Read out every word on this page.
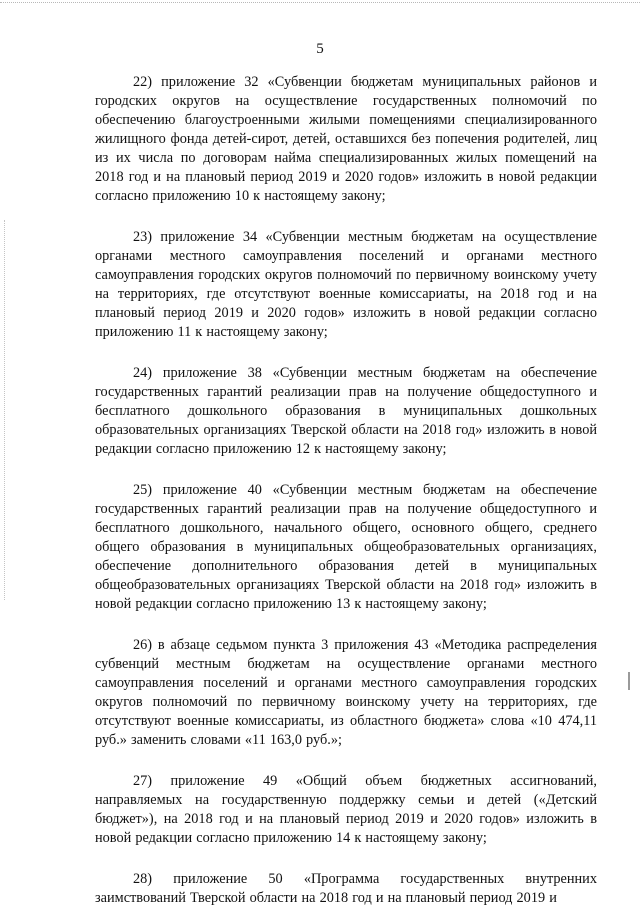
5

22) приложение 32 «Субвенции бюджетам муниципальных районов и городских округов на осуществление государственных полномочий по обеспечению благоустроенными жилыми помещениями специализированного жилищного фонда детей-сирот, детей, оставшихся без попечения родителей, лиц из их числа по договорам найма специализированных жилых помещений на 2018 год и на плановый период 2019 и 2020 годов» изложить в новой редакции согласно приложению 10 к настоящему закону;

23) приложение 34 «Субвенции местным бюджетам на осуществление органами местного самоуправления поселений и органами местного самоуправления городских округов полномочий по первичному воинскому учету на территориях, где отсутствуют военные комиссариаты, на 2018 год и на плановый период 2019 и 2020 годов» изложить в новой редакции согласно приложению 11 к настоящему закону;

24) приложение 38 «Субвенции местным бюджетам на обеспечение государственных гарантий реализации прав на получение общедоступного и бесплатного дошкольного образования в муниципальных дошкольных образовательных организациях Тверской области на 2018 год» изложить в новой редакции согласно приложению 12 к настоящему закону;

25) приложение 40 «Субвенции местным бюджетам на обеспечение государственных гарантий реализации прав на получение общедоступного и бесплатного дошкольного, начального общего, основного общего, среднего общего образования в муниципальных общеобразовательных организациях, обеспечение дополнительного образования детей в муниципальных общеобразовательных организациях Тверской области на 2018 год» изложить в новой редакции согласно приложению 13 к настоящему закону;

26) в абзаце седьмом пункта 3 приложения 43 «Методика распределения субвенций местным бюджетам на осуществление органами местного самоуправления поселений и органами местного самоуправления городских округов полномочий по первичному воинскому учету на территориях, где отсутствуют военные комиссариаты, из областного бюджета» слова «10 474,11 руб.» заменить словами «11 163,0 руб.»;

27) приложение 49 «Общий объем бюджетных ассигнований, направляемых на государственную поддержку семьи и детей («Детский бюджет»), на 2018 год и на плановый период 2019 и 2020 годов» изложить в новой редакции согласно приложению 14 к настоящему закону;

28) приложение 50 «Программа государственных внутренних заимствований Тверской области на 2018 год и на плановый период 2019 и
